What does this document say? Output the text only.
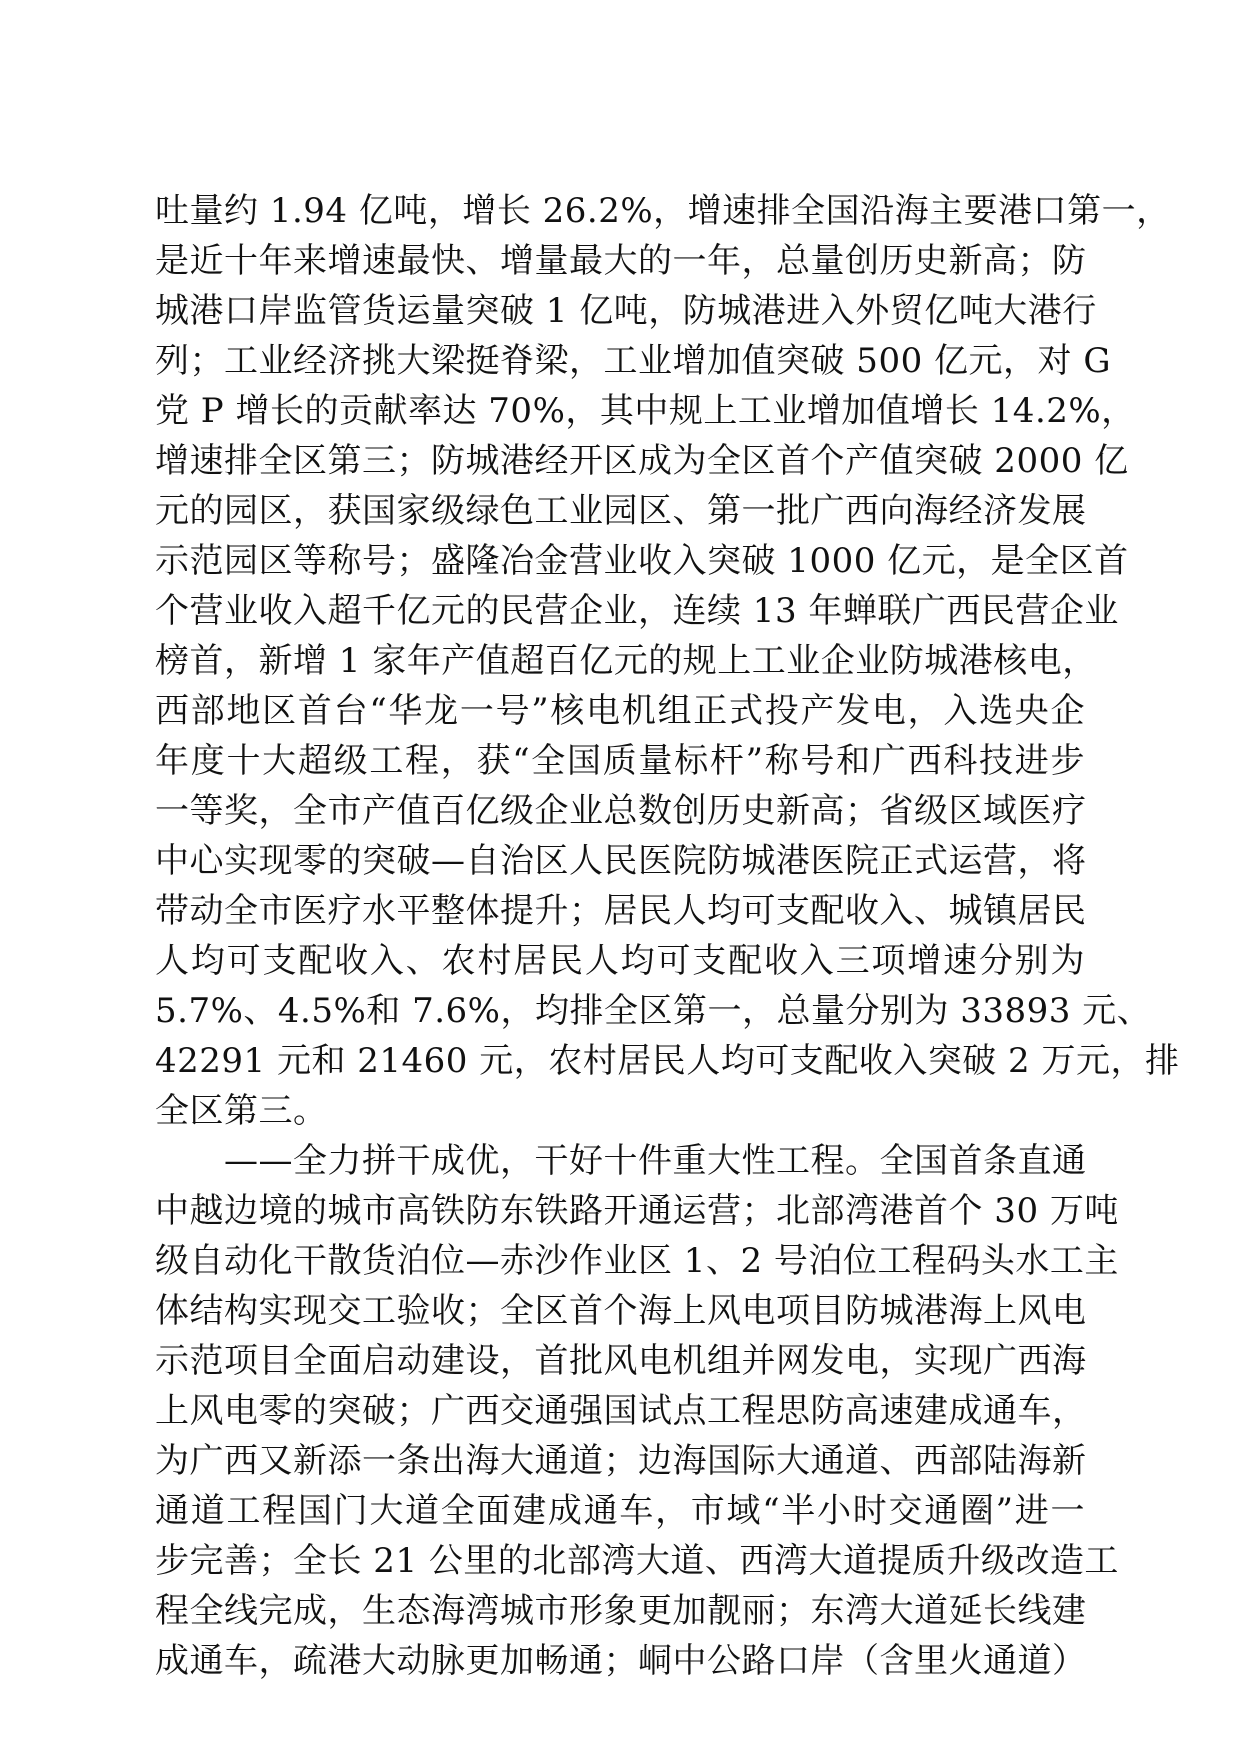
吐量约 1.94 亿吨，增长 26.2%，增速排全国沿海主要港口第一，
是近十年来增速最快、增量最大的一年，总量创历史新高；防
城港口岸监管货运量突破 1 亿吨，防城港进入外贸亿吨大港行
列；工业经济挑大梁挺脊梁，工业增加值突破 500 亿元，对 G
党 P 增长的贡献率达 70%，其中规上工业增加值增长 14.2%，
增速排全区第三；防城港经开区成为全区首个产值突破 2000 亿
元的园区，获国家级绿色工业园区、第一批广西向海经济发展
示范园区等称号；盛隆冶金营业收入突破 1000 亿元，是全区首
个营业收入超千亿元的民营企业，连续 13 年蝉联广西民营企业
榜首，新增 1 家年产值超百亿元的规上工业企业防城港核电，
西部地区首台“华龙一号”核电机组正式投产发电，入选央企
年度十大超级工程，获“全国质量标杆”称号和广西科技进步
一等奖，全市产值百亿级企业总数创历史新高；省级区域医疗
中心实现零的突破—自治区人民医院防城港医院正式运营，将
带动全市医疗水平整体提升；居民人均可支配收入、城镇居民
人均可支配收入、农村居民人均可支配收入三项增速分别为
5.7%、4.5%和 7.6%，均排全区第一，总量分别为 33893 元、
42291 元和 21460 元，农村居民人均可支配收入突破 2 万元，排
全区第三。
　　——全力拼干成优，干好十件重大性工程。全国首条直通
中越边境的城市高铁防东铁路开通运营；北部湾港首个 30 万吨
级自动化干散货泊位—赤沙作业区 1、2 号泊位工程码头水工主
体结构实现交工验收；全区首个海上风电项目防城港海上风电
示范项目全面启动建设，首批风电机组并网发电，实现广西海
上风电零的突破；广西交通强国试点工程思防高速建成通车，
为广西又新添一条出海大通道；边海国际大通道、西部陆海新
通道工程国门大道全面建成通车，市域“半小时交通圈”进一
步完善；全长 21 公里的北部湾大道、西湾大道提质升级改造工
程全线完成，生态海湾城市形象更加靓丽；东湾大道延长线建
成通车，疏港大动脉更加畅通；峒中公路口岸（含里火通道）
